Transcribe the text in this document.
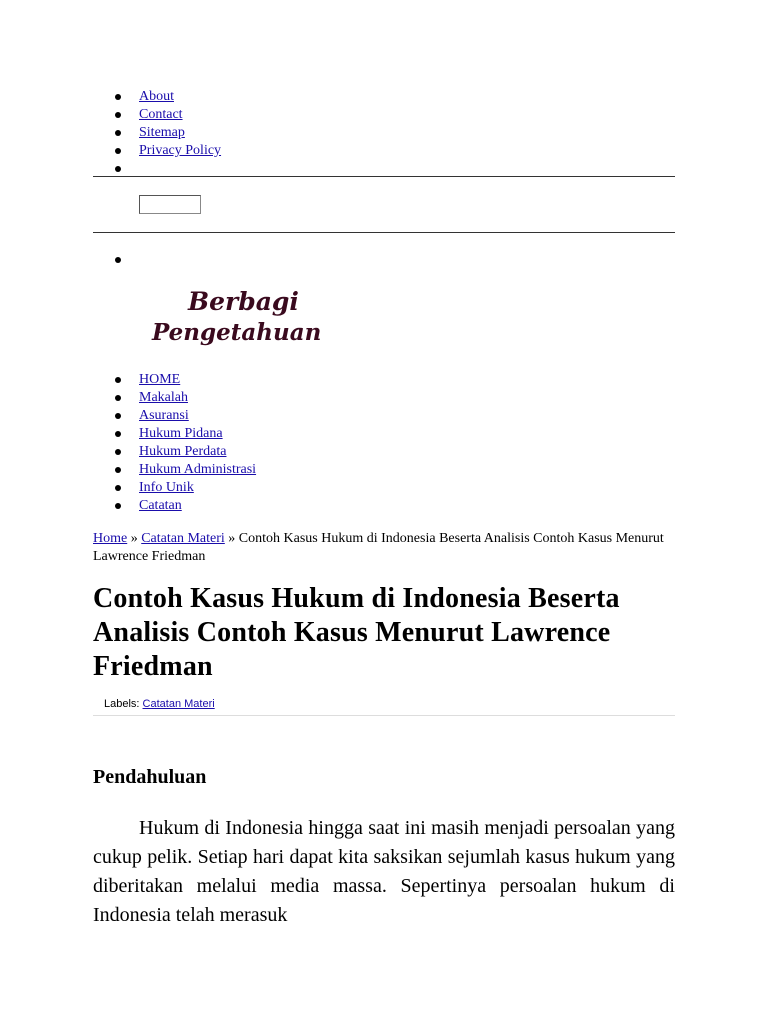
About
Contact
Sitemap
Privacy Policy
Berbagi
Pengetahuan
HOME
Makalah
Asuransi
Hukum Pidana
Hukum Perdata
Hukum Administrasi
Info Unik
Catatan
Home » Catatan Materi » Contoh Kasus Hukum di Indonesia Beserta Analisis Contoh Kasus Menurut Lawrence Friedman
Contoh Kasus Hukum di Indonesia Beserta Analisis Contoh Kasus Menurut Lawrence Friedman
Labels: Catatan Materi
Pendahuluan

Hukum di Indonesia hingga saat ini masih menjadi persoalan yang cukup pelik. Setiap hari dapat kita saksikan sejumlah kasus hukum yang diberitakan melalui media massa. Sepertinya persoalan hukum di Indonesia telah merasuk
